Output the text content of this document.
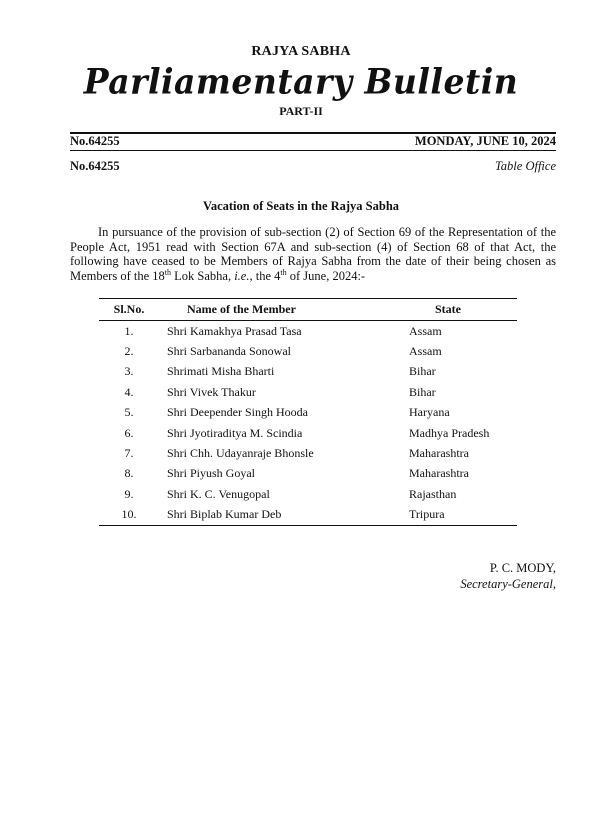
RAJYA SABHA
Parliamentary Bulletin
PART-II
No.64255	MONDAY, JUNE 10, 2024
No.64255	Table Office
Vacation of Seats in the Rajya Sabha

In pursuance of the provision of sub-section (2) of Section 69 of the Representation of the People Act, 1951 read with Section 67A and sub-section (4) of Section 68 of that Act, the following have ceased to be Members of Rajya Sabha from the date of their being chosen as Members of the 18th Lok Sabha, i.e., the 4th of June, 2024:-

Sl.No.	Name of the Member	State
1.	Shri Kamakhya Prasad Tasa	Assam
2.	Shri Sarbananda Sonowal	Assam
3.	Shrimati Misha Bharti	Bihar
4.	Shri Vivek Thakur	Bihar
5.	Shri Deepender Singh Hooda	Haryana
6.	Shri Jyotiraditya M. Scindia	Madhya Pradesh
7.	Shri Chh. Udayanraje Bhonsle	Maharashtra
8.	Shri Piyush Goyal	Maharashtra
9.	Shri K. C. Venugopal	Rajasthan
10.	Shri Biplab Kumar Deb	Tripura
P. C. MODY,
Secretary-General,
